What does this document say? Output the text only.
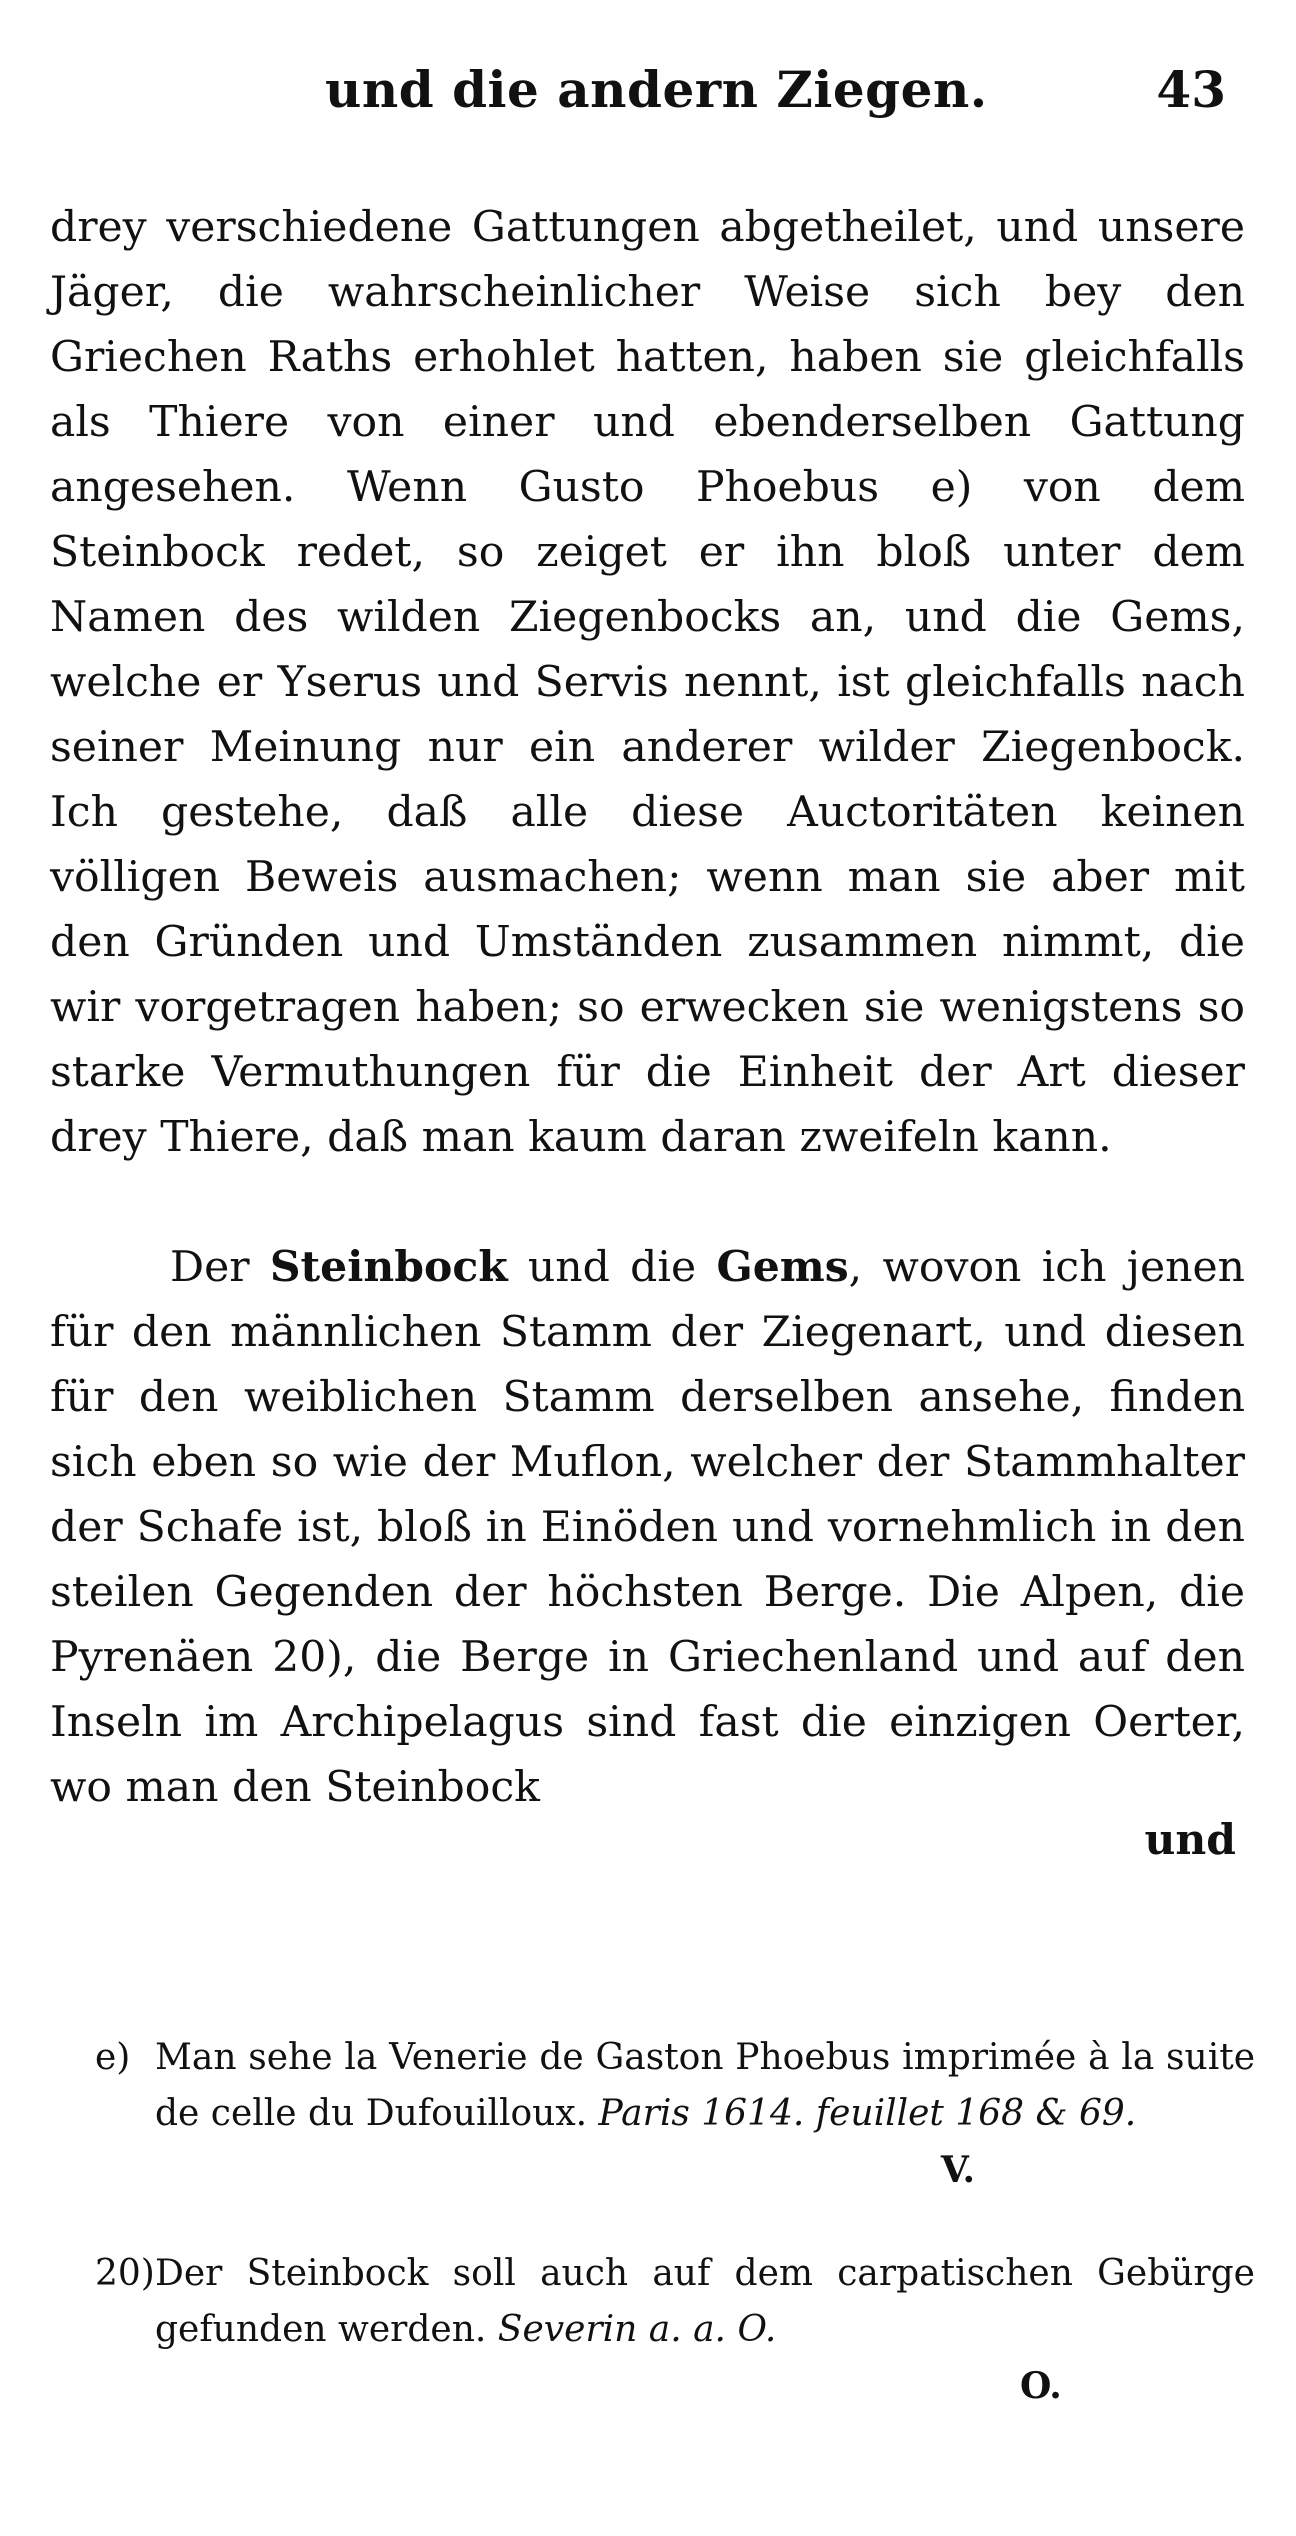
und die andern Ziegen.	43

drey verschiedene Gattungen abgetheilet, und unsere Jäger, die wahrscheinlicher Weise sich bey den Griechen Raths erhohlet hatten, haben sie gleichfalls als Thiere von einer und ebenderselben Gattung angesehen. Wenn Gusto Phoebus e) von dem Steinbock redet, so zeiget er ihn bloß unter dem Namen des wilden Ziegenbocks an, und die Gems, welche er Yserus und Servis nennt, ist gleichfalls nach seiner Meinung nur ein anderer wilder Ziegenbock. Ich gestehe, daß alle diese Auctoritäten keinen völligen Beweis ausmachen; wenn man sie aber mit den Gründen und Umständen zusammen nimmt, die wir vorgetragen haben; so erwecken sie wenigstens so starke Vermuthungen für die Einheit der Art dieser drey Thiere, daß man kaum daran zweifeln kann.

Der Steinbock und die Gems, wovon ich jenen für den männlichen Stamm der Ziegenart, und diesen für den weiblichen Stamm derselben ansehe, finden sich eben so wie der Muflon, welcher der Stammhalter der Schafe ist, bloß in Einöden und vornehmlich in den steilen Gegenden der höchsten Berge. Die Alpen, die Pyrenäen 20), die Berge in Griechenland und auf den Inseln im Archipelagus sind fast die einzigen Oerter, wo man den Steinbock

und
e) Man sehe la Venerie de Gaston Phoebus imprimée à la suite de celle du Dufouilloux. Paris 1614. feuillet 168 & 69.
V.
20) Der Steinbock soll auch auf dem carpatischen Gebürge gefunden werden. Severin a. a. O.
O.
